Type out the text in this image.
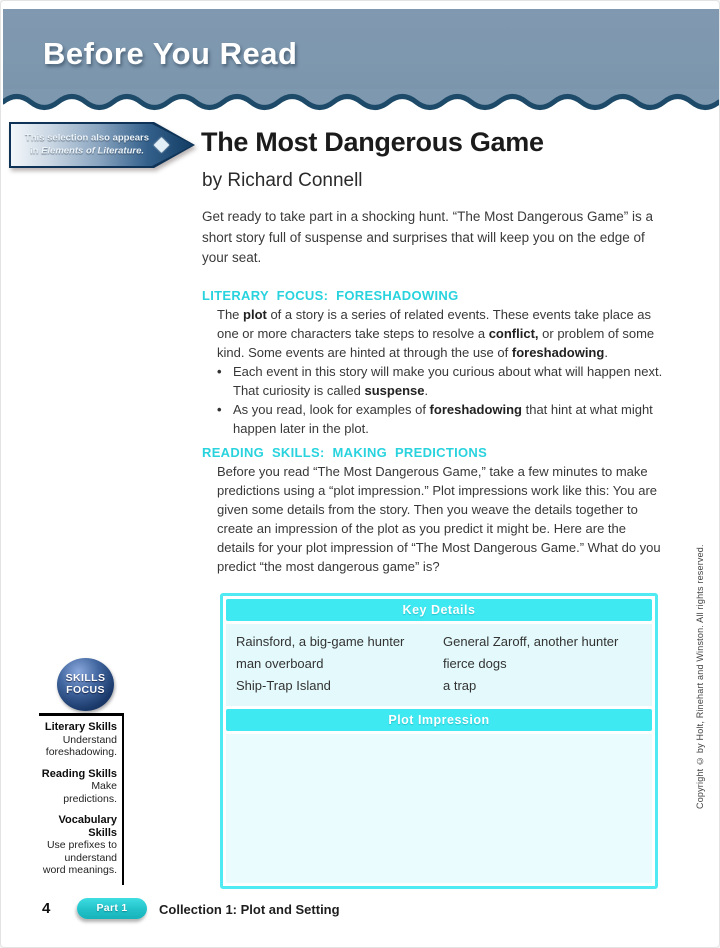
Before You Read
This selection also appears in Elements of Literature. The Most Dangerous Game
by Richard Connell
Get ready to take part in a shocking hunt. “The Most Dangerous Game” is a short story full of suspense and surprises that will keep you on the edge of your seat.
LITERARY FOCUS: FORESHADOWING
The plot of a story is a series of related events. These events take place as one or more characters take steps to resolve a conflict, or problem of some kind. Some events are hinted at through the use of foreshadowing.
• Each event in this story will make you curious about what will happen next. That curiosity is called suspense.
• As you read, look for examples of foreshadowing that hint at what might happen later in the plot.
READING SKILLS: MAKING PREDICTIONS
Before you read “The Most Dangerous Game,” take a few minutes to make predictions using a “plot impression.” Plot impressions work like this: You are given some details from the story. Then you weave the details together to create an impression of the plot as you predict it might be. Here are the details for your plot impression of “The Most Dangerous Game.” What do you predict “the most dangerous game” is?
Key Details
Rainsford, a big-game hunter
man overboard
Ship-Trap Island
General Zaroff, another hunter
fierce dogs
a trap
Plot Impression
SKILLS
FOCUS
Literary Skills
Understand foreshadowing.
Reading Skills
Make predictions.
Vocabulary Skills
Use prefixes to understand word meanings.
Copyright © by Holt, Rinehart and Winston. All rights reserved.
4	Part 1	Collection 1: Plot and Setting
